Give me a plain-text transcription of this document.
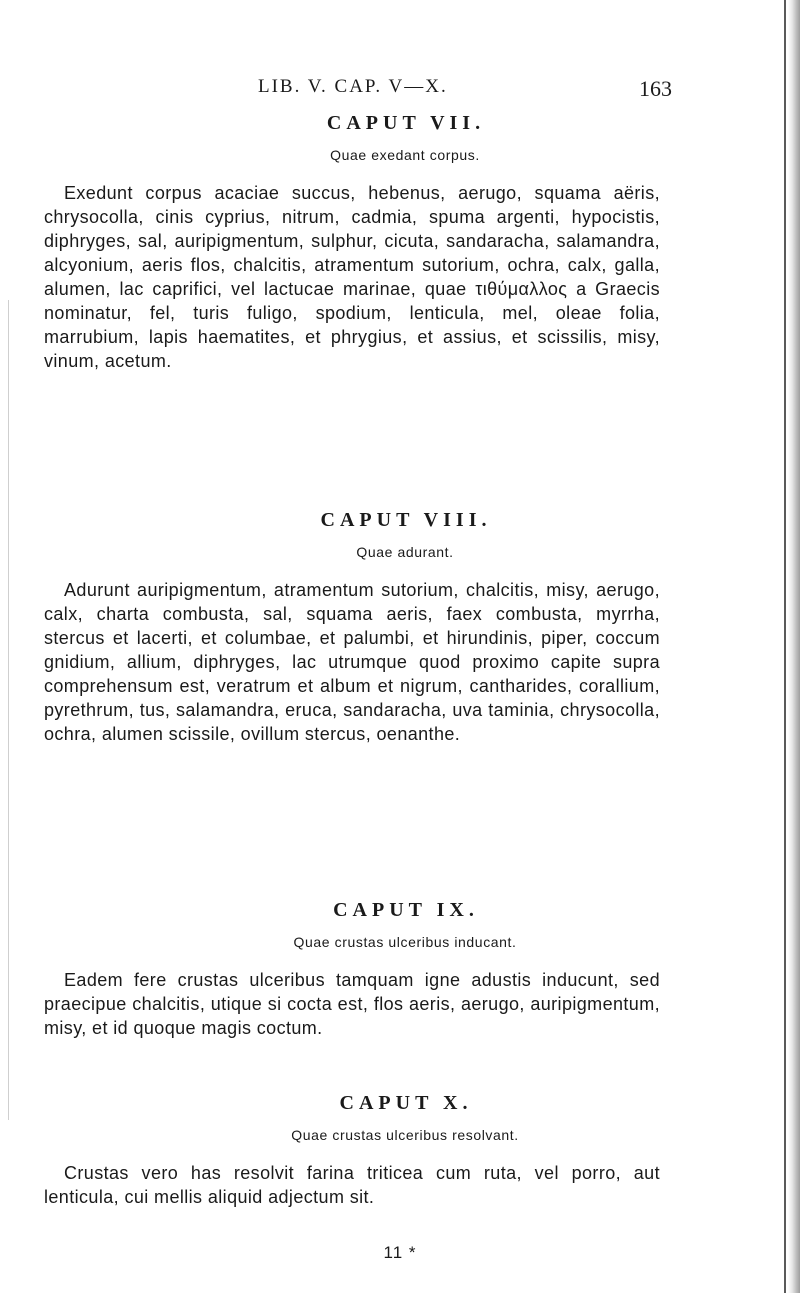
LIB. V. CAP. V—X.	163
CAPUT VII.

Quae exedant corpus.

Exedunt corpus acaciae succus, hebenus, aerugo, squama aëris, chrysocolla, cinis cyprius, nitrum, cadmia, spuma argenti, hypocistis, diphryges, sal, auripigmentum, sulphur, cicuta, sandaracha, salamandra, alcyonium, aeris flos, chalcitis, atramentum sutorium, ochra, calx, galla, alumen, lac caprifici, vel lactucae marinae, quae τιθύμαλλος a Graecis nominatur, fel, turis fuligo, spodium, lenticula, mel, oleae folia, marrubium, lapis haematites, et phrygius, et assius, et scissilis, misy, vinum, acetum.

CAPUT VIII.

Quae adurant.

Adurunt auripigmentum, atramentum sutorium, chalcitis, misy, aerugo, calx, charta combusta, sal, squama aeris, faex combusta, myrrha, stercus et lacerti, et columbae, et palumbi, et hirundinis, piper, coccum gnidium, allium, diphryges, lac utrumque quod proximo capite supra comprehensum est, veratrum et album et nigrum, cantharides, corallium, pyrethrum, tus, salamandra, eruca, sandaracha, uva taminia, chrysocolla, ochra, alumen scissile, ovillum stercus, oenanthe.

CAPUT IX.

Quae crustas ulceribus inducant.

Eadem fere crustas ulceribus tamquam igne adustis inducunt, sed praecipue chalcitis, utique si cocta est, flos aeris, aerugo, auripigmentum, misy, et id quoque magis coctum.

CAPUT X.

Quae crustas ulceribus resolvant.

Crustas vero has resolvit farina triticea cum ruta, vel porro, aut lenticula, cui mellis aliquid adjectum sit.

11 *
